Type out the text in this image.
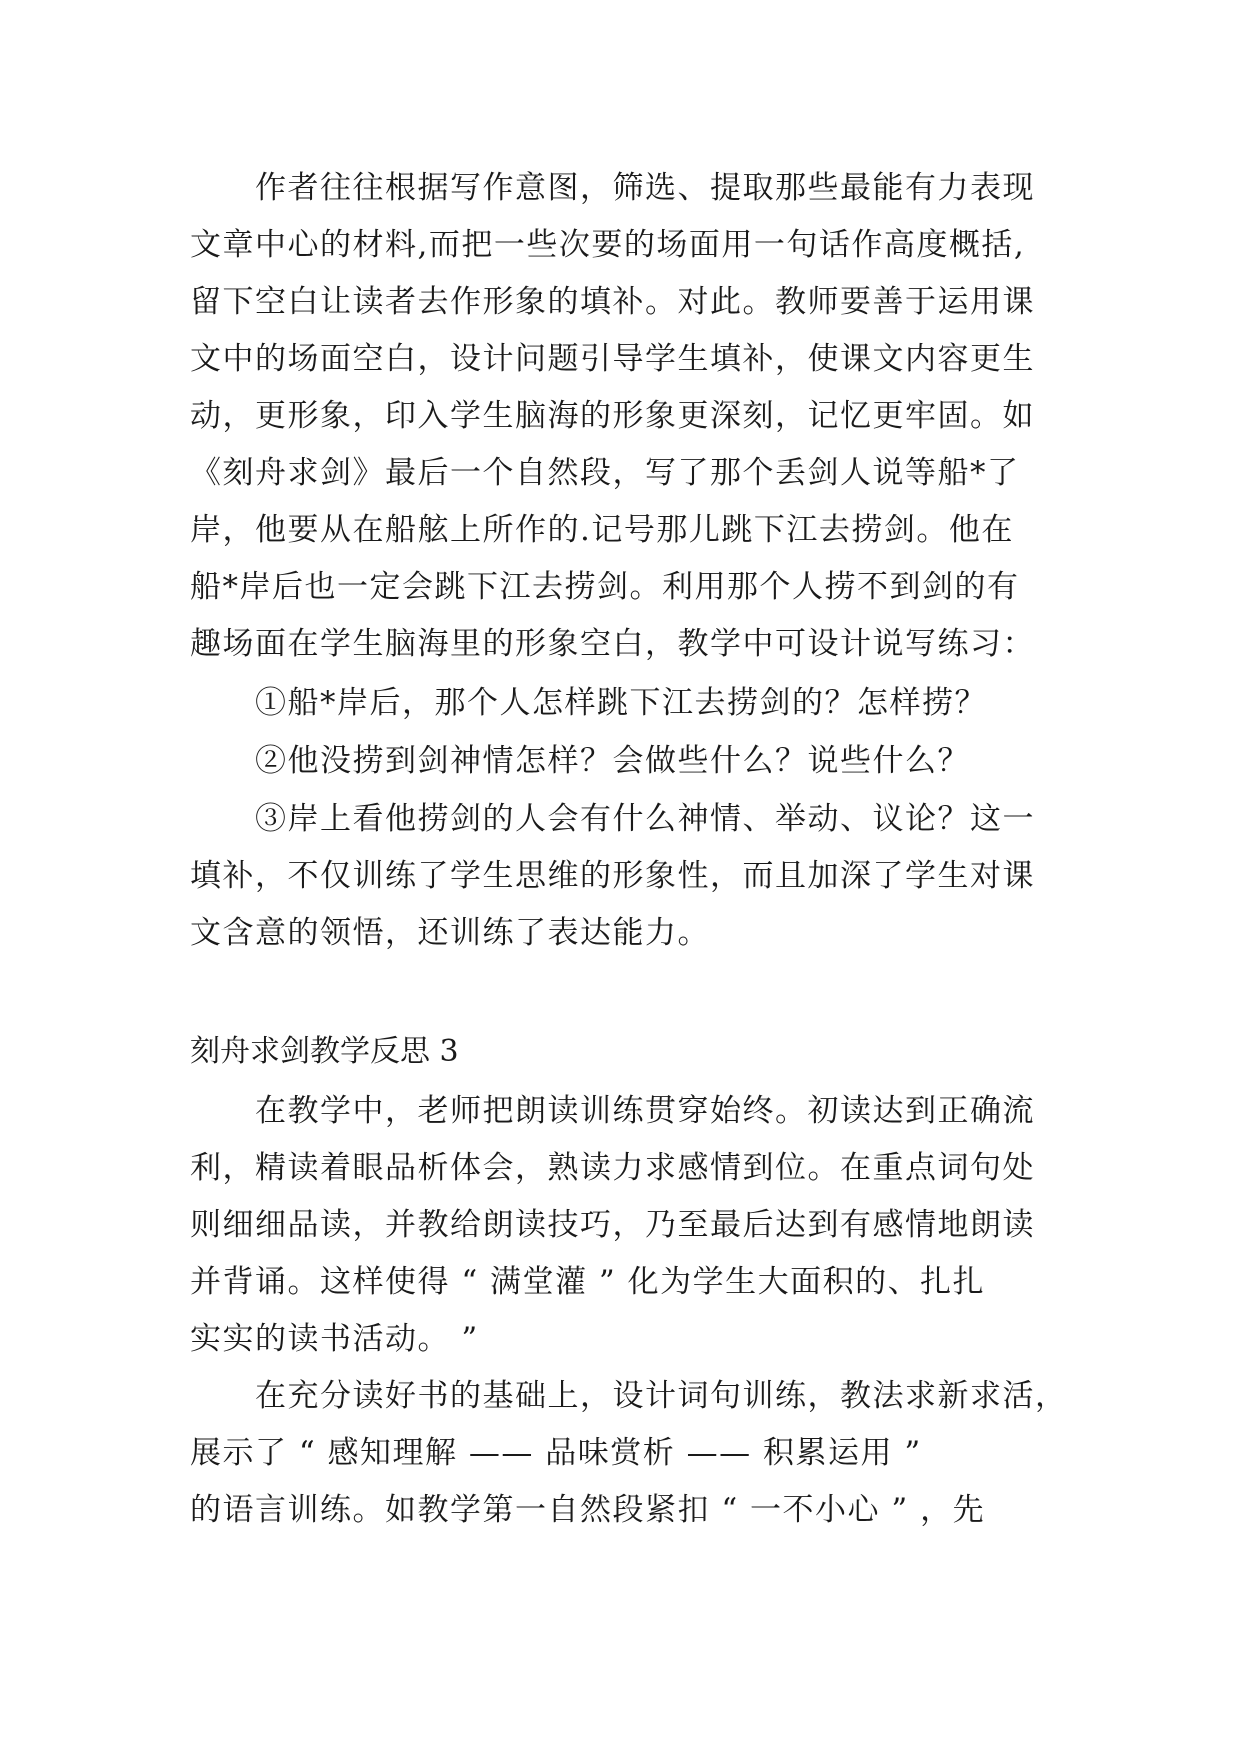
作者往往根据写作意图，筛选、提取那些最能有力表现
文章中心的材料,而把一些次要的场面用一句话作高度概括,
留下空白让读者去作形象的填补。对此。教师要善于运用课
文中的场面空白，设计问题引导学生填补，使课文内容更生
动，更形象，印入学生脑海的形象更深刻，记忆更牢固。如
《刻舟求剑》最后一个自然段，写了那个丢剑人说等船*了
岸，他要从在船舷上所作的.记号那儿跳下江去捞剑。他在
船*岸后也一定会跳下江去捞剑。利用那个人捞不到剑的有
趣场面在学生脑海里的形象空白，教学中可设计说写练习：
①船*岸后，那个人怎样跳下江去捞剑的？怎样捞？
②他没捞到剑神情怎样？会做些什么？说些什么？
③岸上看他捞剑的人会有什么神情、举动、议论？这一
填补，不仅训练了学生思维的形象性，而且加深了学生对课
文含意的领悟，还训练了表达能力。
刻舟求剑教学反思 3
在教学中，老师把朗读训练贯穿始终。初读达到正确流
利，精读着眼品析体会，熟读力求感情到位。在重点词句处
则细细品读，并教给朗读技巧，乃至最后达到有感情地朗读
并背诵。这样使得 “ 满堂灌 ” 化为学生大面积的、扎扎
实实的读书活动。 ”
在充分读好书的基础上，设计词句训练，教法求新求活，
展示了 “ 感知理解 —— 品味赏析 —— 积累运用 ”
的语言训练。如教学第一自然段紧扣 “ 一不小心 ” ，先
